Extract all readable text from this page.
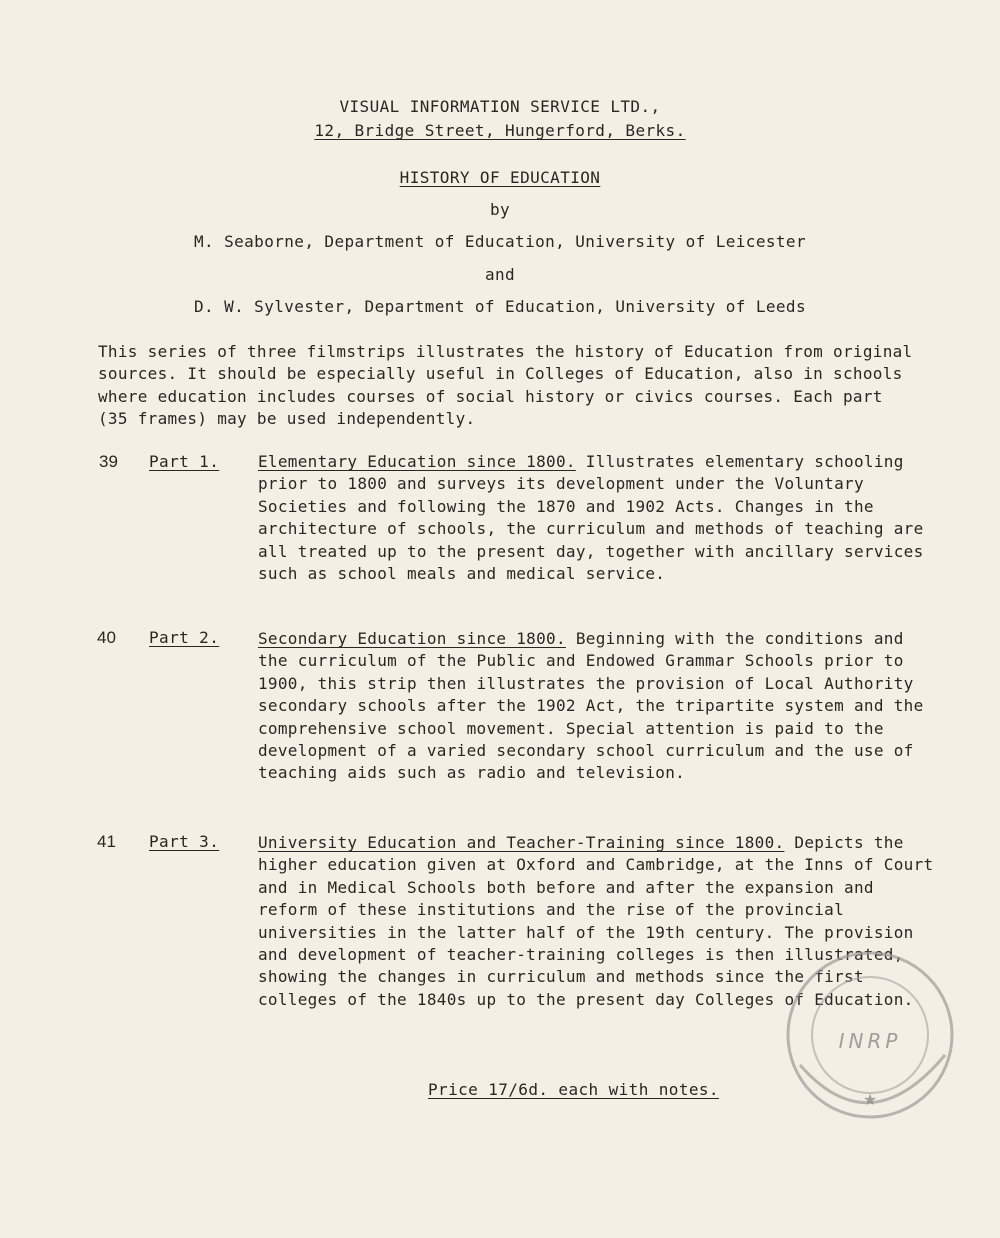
VISUAL INFORMATION SERVICE LTD.,
12, Bridge Street, Hungerford, Berks.
HISTORY OF EDUCATION
by
M. Seaborne, Department of Education, University of Leicester
and
D. W. Sylvester, Department of Education, University of Leeds
This series of three filmstrips illustrates the history of Education from original sources. It should be especially useful in Colleges of Education, also in schools where education includes courses of social history or civics courses. Each part (35 frames) may be used independently.
39 Part 1. Elementary Education since 1800. Illustrates elementary schooling prior to 1800 and surveys its development under the Voluntary Societies and following the 1870 and 1902 Acts. Changes in the architecture of schools, the curriculum and methods of teaching are all treated up to the present day, together with ancillary services such as school meals and medical service.
40 Part 2. Secondary Education since 1800. Beginning with the conditions and the curriculum of the Public and Endowed Grammar Schools prior to 1900, this strip then illustrates the provision of Local Authority secondary schools after the 1902 Act, the tripartite system and the comprehensive school movement. Special attention is paid to the development of a varied secondary school curriculum and the use of teaching aids such as radio and television.
41 Part 3. University Education and Teacher-Training since 1800. Depicts the higher education given at Oxford and Cambridge, at the Inns of Court and in Medical Schools both before and after the expansion and reform of these institutions and the rise of the provincial universities in the latter half of the 19th century. The provision and development of teacher-training colleges is then illustrated, showing the changes in curriculum and methods since the first colleges of the 1840s up to the present day Colleges of Education.
Price 17/6d. each with notes.
★
INRP
